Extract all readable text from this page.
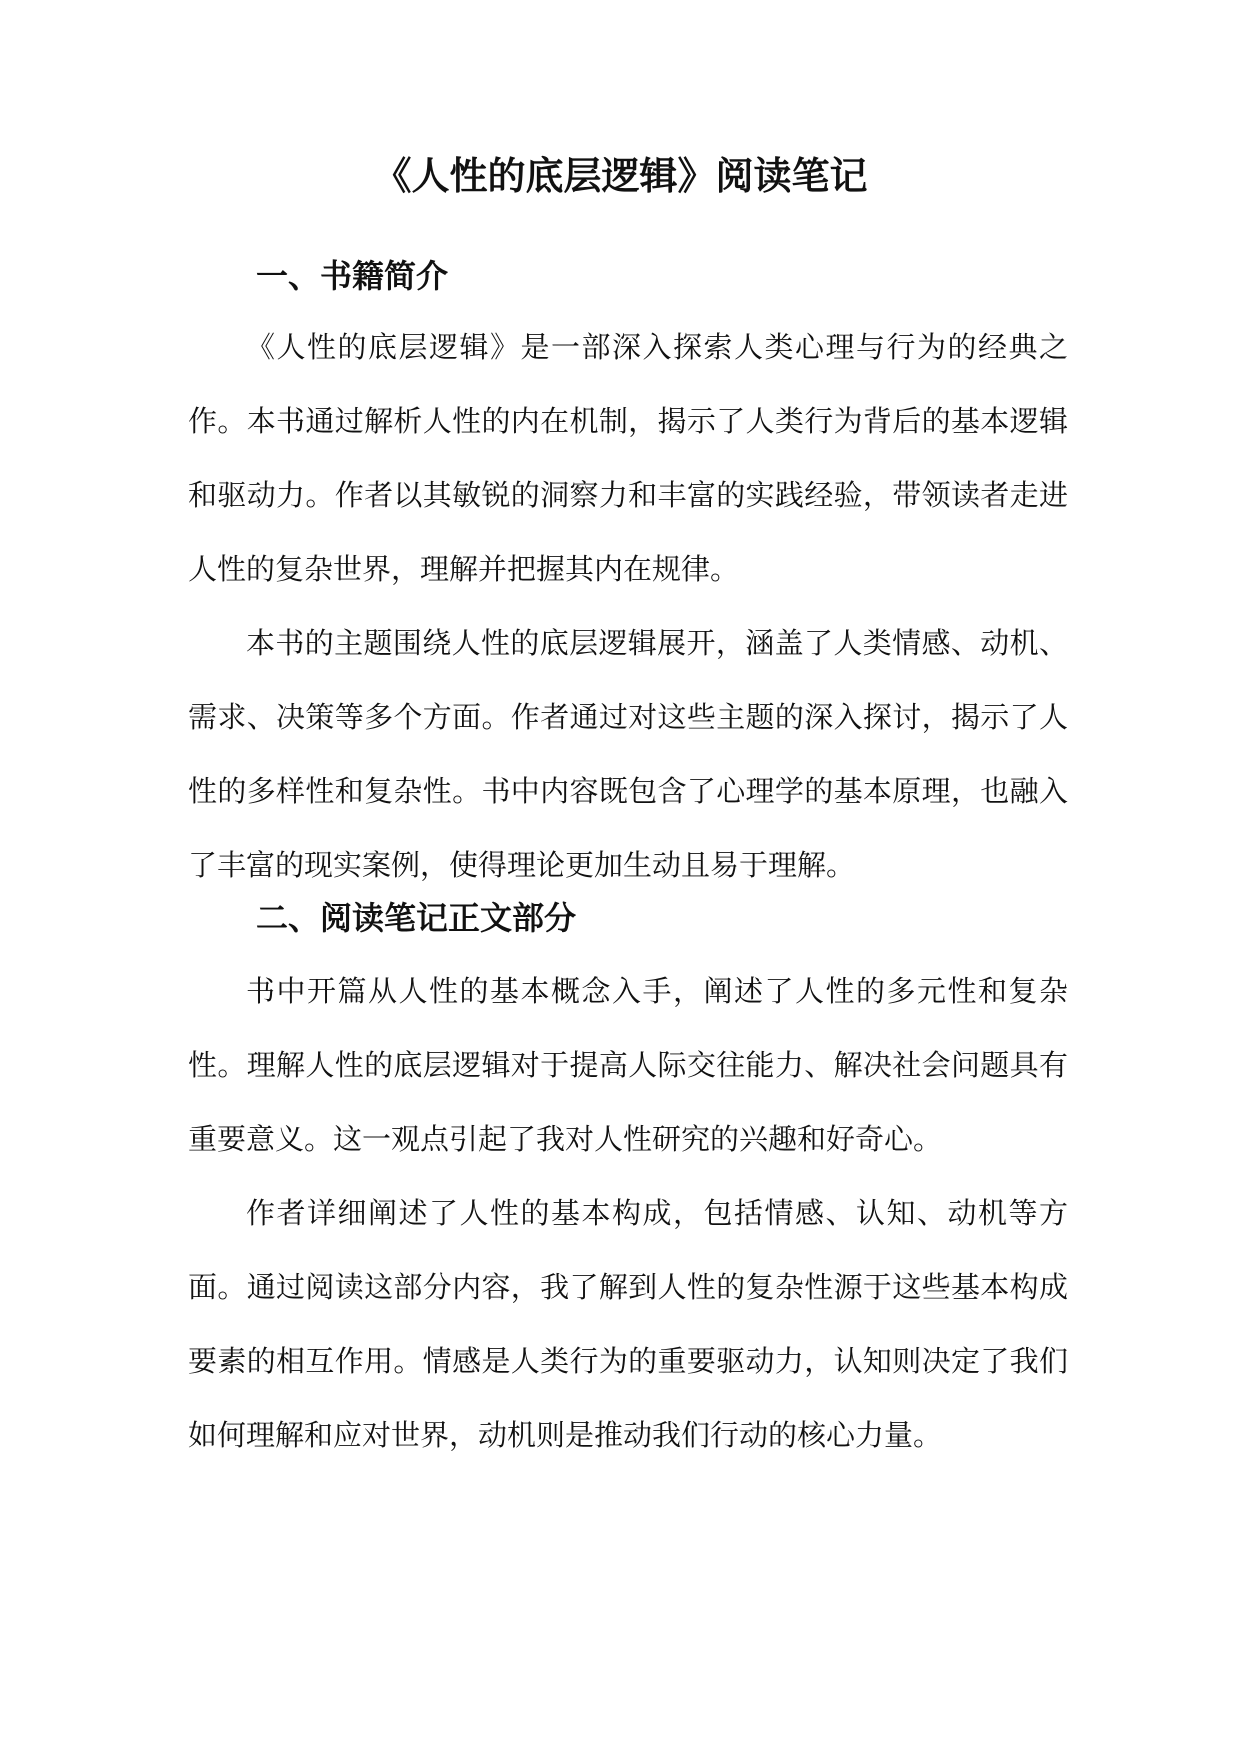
《人性的底层逻辑》阅读笔记
一、书籍简介

《人性的底层逻辑》是一部深入探索人类心理与行为的经典之作。本书通过解析人性的内在机制，揭示了人类行为背后的基本逻辑和驱动力。作者以其敏锐的洞察力和丰富的实践经验，带领读者走进人性的复杂世界，理解并把握其内在规律。

本书的主题围绕人性的底层逻辑展开，涵盖了人类情感、动机、需求、决策等多个方面。作者通过对这些主题的深入探讨，揭示了人性的多样性和复杂性。书中内容既包含了心理学的基本原理，也融入了丰富的现实案例，使得理论更加生动且易于理解。

二、阅读笔记正文部分

书中开篇从人性的基本概念入手，阐述了人性的多元性和复杂性。理解人性的底层逻辑对于提高人际交往能力、解决社会问题具有重要意义。这一观点引起了我对人性研究的兴趣和好奇心。

作者详细阐述了人性的基本构成，包括情感、认知、动机等方面。通过阅读这部分内容，我了解到人性的复杂性源于这些基本构成要素的相互作用。情感是人类行为的重要驱动力，认知则决定了我们如何理解和应对世界，动机则是推动我们行动的核心力量。
